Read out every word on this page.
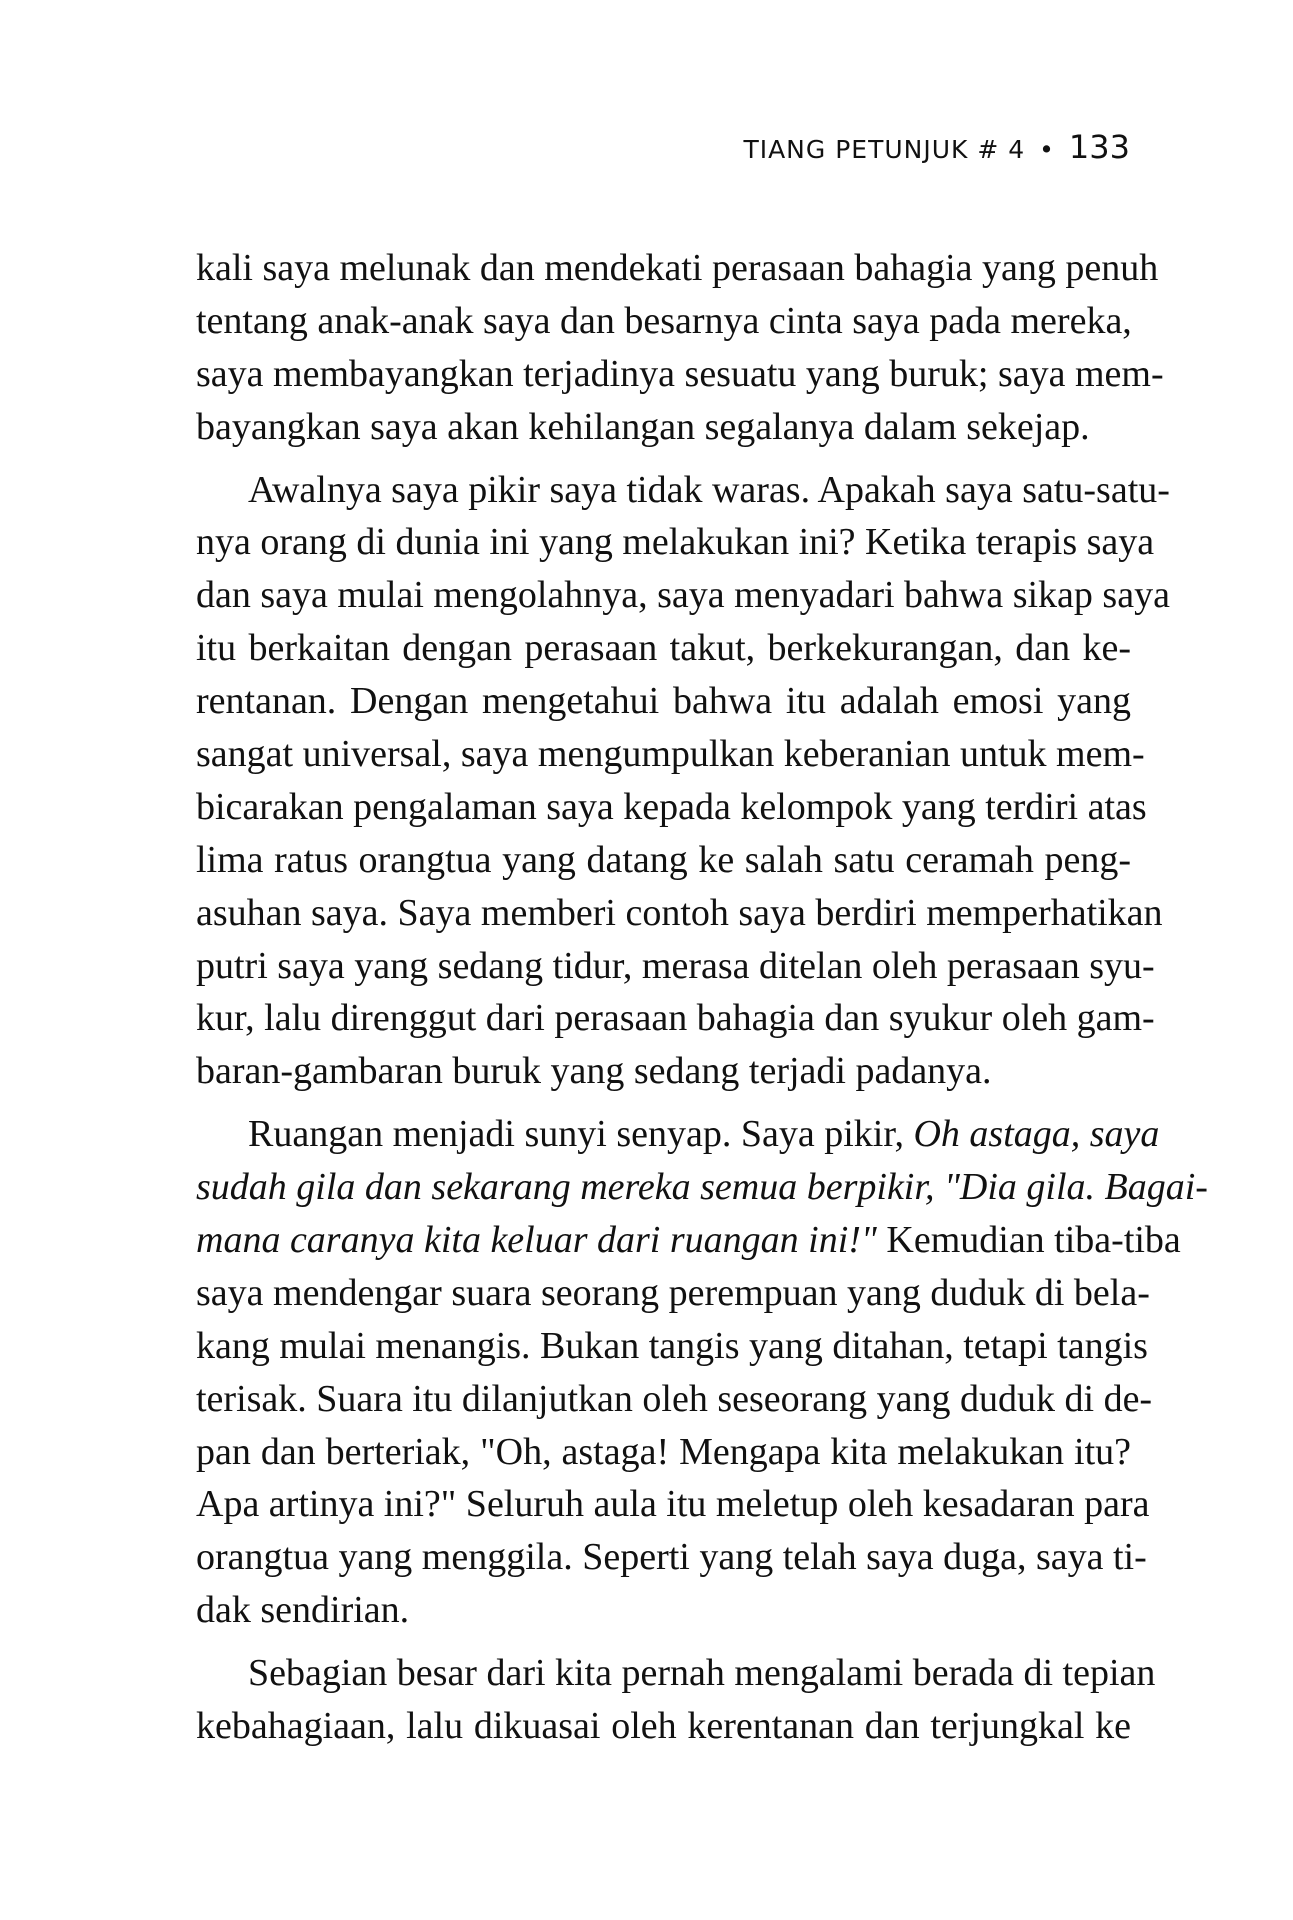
TIANG PETUNJUK # 4 • 133
kali saya melunak dan mendekati perasaan bahagia yang penuh
tentang anak-anak saya dan besarnya cinta saya pada mereka,
saya membayangkan terjadinya sesuatu yang buruk; saya mem-
bayangkan saya akan kehilangan segalanya dalam sekejap.
Awalnya saya pikir saya tidak waras. Apakah saya satu-satu-
nya orang di dunia ini yang melakukan ini? Ketika terapis saya
dan saya mulai mengolahnya, saya menyadari bahwa sikap saya
itu berkaitan dengan perasaan takut, berkekurangan, dan ke-
rentanan. Dengan mengetahui bahwa itu adalah emosi yang
sangat universal, saya mengumpulkan keberanian untuk mem-
bicarakan pengalaman saya kepada kelompok yang terdiri atas
lima ratus orangtua yang datang ke salah satu ceramah peng-
asuhan saya. Saya memberi contoh saya berdiri memperhatikan
putri saya yang sedang tidur, merasa ditelan oleh perasaan syu-
kur, lalu direnggut dari perasaan bahagia dan syukur oleh gam-
baran-gambaran buruk yang sedang terjadi padanya.
Ruangan menjadi sunyi senyap. Saya pikir, Oh astaga, saya
sudah gila dan sekarang mereka semua berpikir, "Dia gila. Bagai-
mana caranya kita keluar dari ruangan ini!" Kemudian tiba-tiba
saya mendengar suara seorang perempuan yang duduk di bela-
kang mulai menangis. Bukan tangis yang ditahan, tetapi tangis
terisak. Suara itu dilanjutkan oleh seseorang yang duduk di de-
pan dan berteriak, "Oh, astaga! Mengapa kita melakukan itu?
Apa artinya ini?" Seluruh aula itu meletup oleh kesadaran para
orangtua yang menggila. Seperti yang telah saya duga, saya ti-
dak sendirian.
Sebagian besar dari kita pernah mengalami berada di tepian
kebahagiaan, lalu dikuasai oleh kerentanan dan terjungkal ke
